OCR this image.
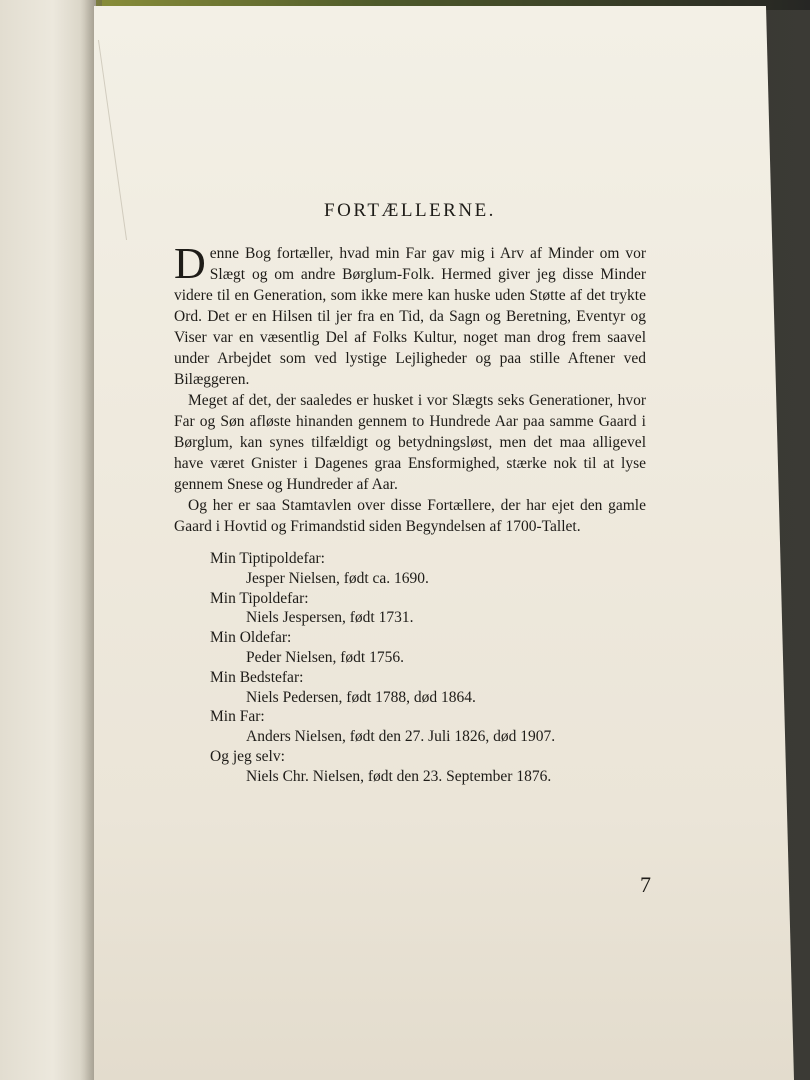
FORTÆLLERNE.

Denne Bog fortæller, hvad min Far gav mig i Arv af Minder om vor Slægt og om andre Børglum-Folk. Hermed giver jeg disse Minder videre til en Generation, som ikke mere kan huske uden Støtte af det trykte Ord. Det er en Hilsen til jer fra en Tid, da Sagn og Beretning, Eventyr og Viser var en væsentlig Del af Folks Kultur, noget man drog frem saavel under Arbejdet som ved lystige Lejligheder og paa stille Aftener ved Bilæggeren.

Meget af det, der saaledes er husket i vor Slægts seks Generationer, hvor Far og Søn afløste hinanden gennem to Hundrede Aar paa samme Gaard i Børglum, kan synes tilfældigt og betydningsløst, men det maa alligevel have været Gnister i Dagenes graa Ensformighed, stærke nok til at lyse gennem Snese og Hundreder af Aar.

Og her er saa Stamtavlen over disse Fortællere, der har ejet den gamle Gaard i Hovtid og Frimandstid siden Begyndelsen af 1700-Tallet.

Min Tiptipoldefar:
Jesper Nielsen, født ca. 1690.
Min Tipoldefar:
Niels Jespersen, født 1731.
Min Oldefar:
Peder Nielsen, født 1756.
Min Bedstefar:
Niels Pedersen, født 1788, død 1864.
Min Far:
Anders Nielsen, født den 27. Juli 1826, død 1907.
Og jeg selv:
Niels Chr. Nielsen, født den 23. September 1876.
7
